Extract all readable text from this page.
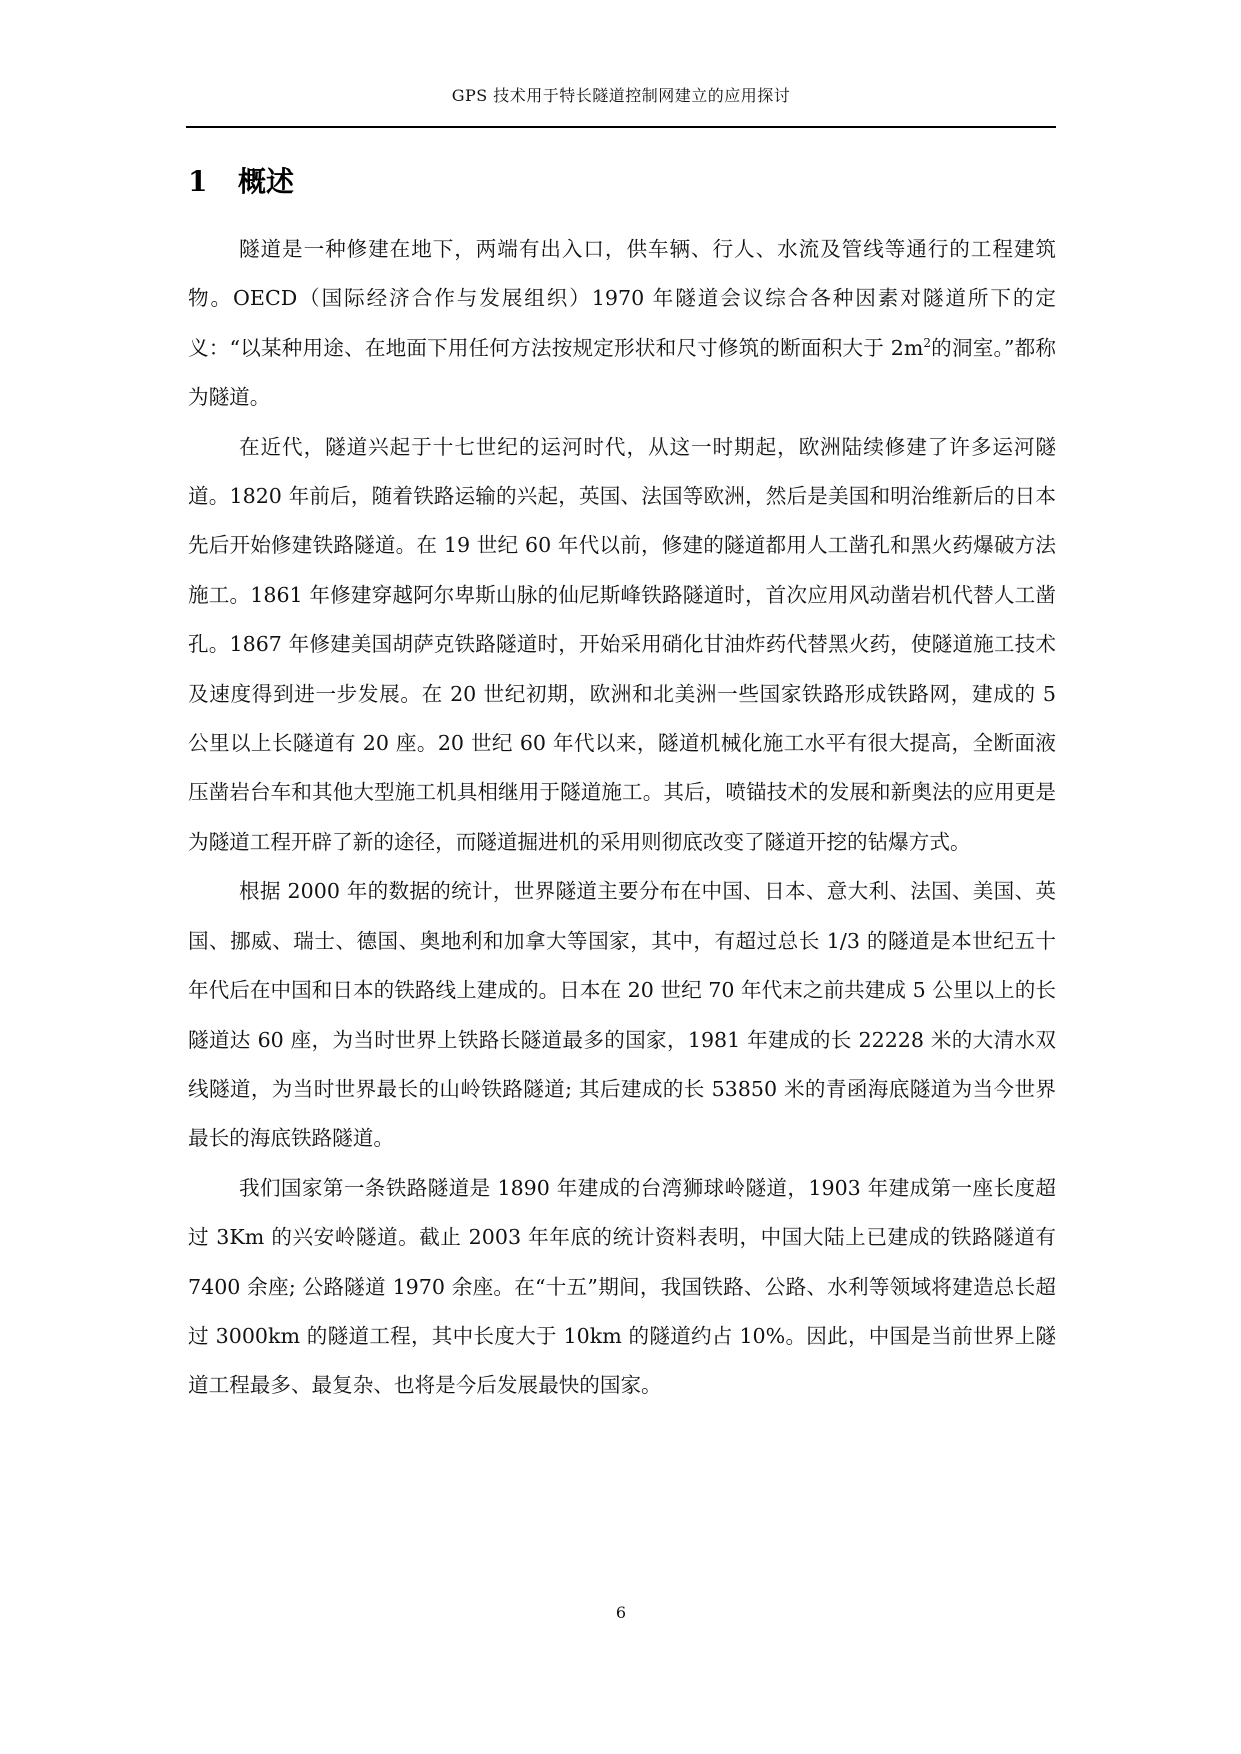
GPS 技术用于特长隧道控制网建立的应用探讨
1 概述

隧道是一种修建在地下，两端有出入口，供车辆、行人、水流及管线等通行的工程建筑物。OECD（国际经济合作与发展组织）1970 年隧道会议综合各种因素对隧道所下的定义：“以某种用途、在地面下用任何方法按规定形状和尺寸修筑的断面积大于 $2m^2$的洞室。”都称为隧道。

在近代，隧道兴起于十七世纪的运河时代，从这一时期起，欧洲陆续修建了许多运河隧道。1820 年前后，随着铁路运输的兴起，英国、法国等欧洲，然后是美国和明治维新后的日本先后开始修建铁路隧道。在 19 世纪 60 年代以前，修建的隧道都用人工凿孔和黑火药爆破方法施工。1861 年修建穿越阿尔卑斯山脉的仙尼斯峰铁路隧道时，首次应用风动凿岩机代替人工凿孔。1867 年修建美国胡萨克铁路隧道时，开始采用硝化甘油炸药代替黑火药，使隧道施工技术及速度得到进一步发展。在 20 世纪初期，欧洲和北美洲一些国家铁路形成铁路网，建成的 5 公里以上长隧道有 20 座。20 世纪 60 年代以来，隧道机械化施工水平有很大提高，全断面液压凿岩台车和其他大型施工机具相继用于隧道施工。其后，喷锚技术的发展和新奥法的应用更是为隧道工程开辟了新的途径，而隧道掘进机的采用则彻底改变了隧道开挖的钻爆方式。

根据 2000 年的数据的统计，世界隧道主要分布在中国、日本、意大利、法国、美国、英国、挪威、瑞士、德国、奥地利和加拿大等国家，其中，有超过总长 1/3 的隧道是本世纪五十年代后在中国和日本的铁路线上建成的。日本在 20 世纪 70 年代末之前共建成 5 公里以上的长隧道达 60 座，为当时世界上铁路长隧道最多的国家，1981 年建成的长 22228 米的大清水双线隧道，为当时世界最长的山岭铁路隧道; 其后建成的长 53850 米的青函海底隧道为当今世界最长的海底铁路隧道。

我们国家第一条铁路隧道是 1890 年建成的台湾狮球岭隧道，1903 年建成第一座长度超过 3Km 的兴安岭隧道。截止 2003 年年底的统计资料表明，中国大陆上已建成的铁路隧道有 7400 余座; 公路隧道 1970 余座。在“十五”期间，我国铁路、公路、水利等领域将建造总长超过 3000km 的隧道工程，其中长度大于 10km 的隧道约占 10%。因此，中国是当前世界上隧道工程最多、最复杂、也将是今后发展最快的国家。

6
